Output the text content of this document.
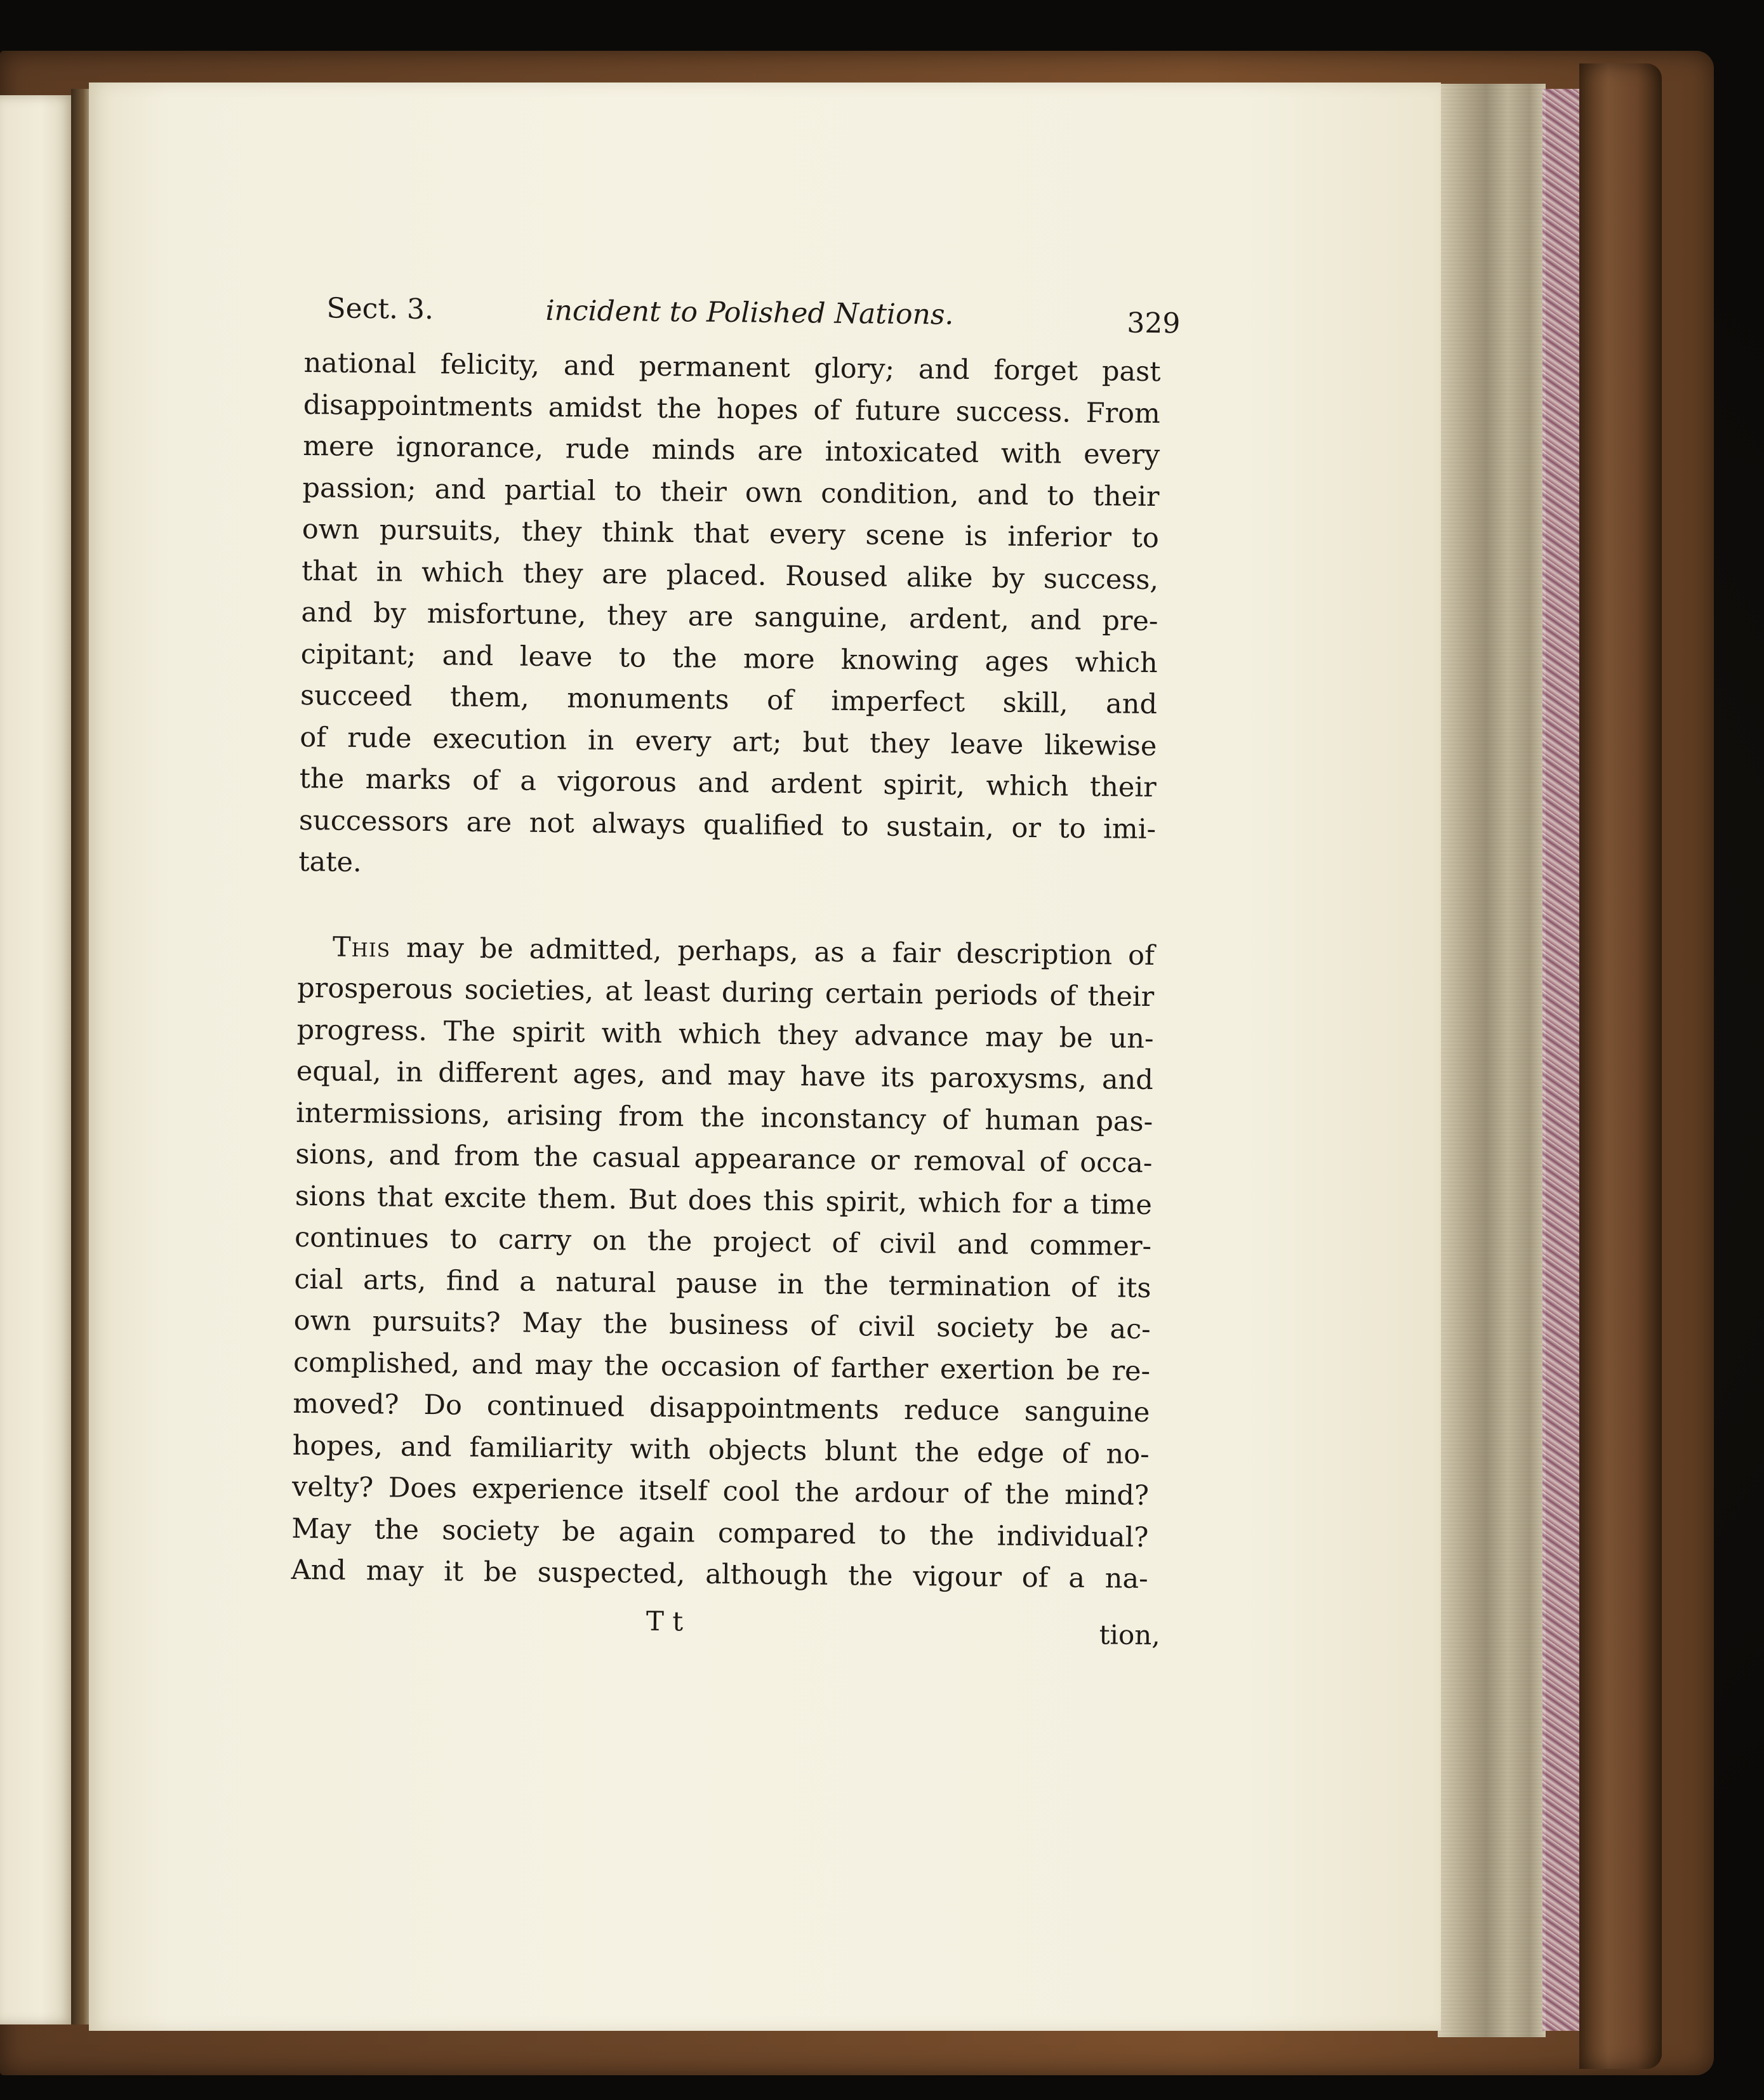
Sect. 3.	incident to Polished Nations.	329

national felicity, and permanent glory; and forget past
disappointments amidst the hopes of future success. From
mere ignorance, rude minds are intoxicated with every
passion; and partial to their own condition, and to their
own pursuits, they think that every scene is inferior to
that in which they are placed. Roused alike by success,
and by misfortune, they are sanguine, ardent, and pre-
cipitant; and leave to the more knowing ages which
succeed them, monuments of imperfect skill, and
of rude execution in every art; but they leave likewise
the marks of a vigorous and ardent spirit, which their
successors are not always qualified to sustain, or to imi-
tate.

This may be admitted, perhaps, as a fair description of
prosperous societies, at least during certain periods of their
progress. The spirit with which they advance may be un-
equal, in different ages, and may have its paroxysms, and
intermissions, arising from the inconstancy of human pas-
sions, and from the casual appearance or removal of occa-
sions that excite them. But does this spirit, which for a time
continues to carry on the project of civil and commer-
cial arts, find a natural pause in the termination of its
own pursuits? May the business of civil society be ac-
complished, and may the occasion of farther exertion be re-
moved? Do continued disappointments reduce sanguine
hopes, and familiarity with objects blunt the edge of no-
velty? Does experience itself cool the ardour of the mind?
May the society be again compared to the individual?
And may it be suspected, although the vigour of a na-

T t	tion,
